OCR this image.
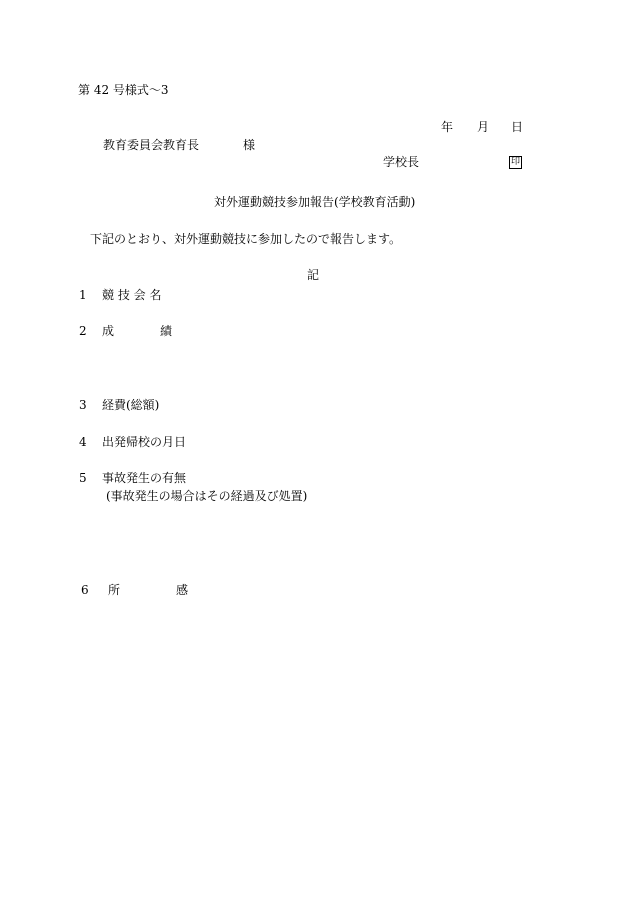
第 42 号様式〜3
年 月 日
教育委員会教育長	様
学校長	印
対外運動競技参加報告(学校教育活動)
下記のとおり、対外運動競技に参加したので報告します。
記
1 競 技 会 名
2 成	績
3 経費(総額)
4 出発帰校の月日
5 事故発生の有無
(事故発生の場合はその経過及び処置)
6 所	感
